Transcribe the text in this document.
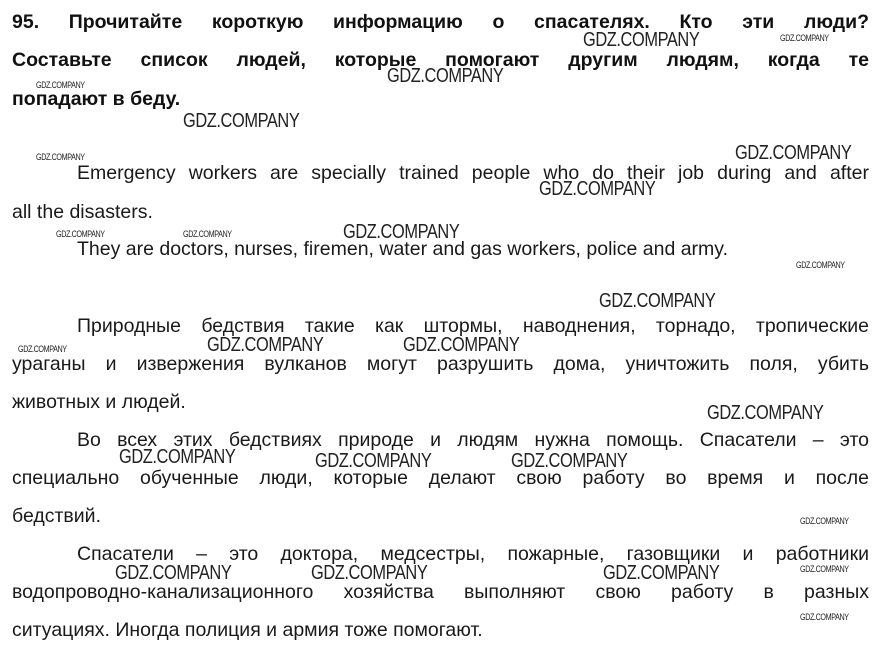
95. Прочитайте короткую информацию о спасателях. Кто эти люди?
Составьте список людей, которые помогают другим людям, когда те
попадают в беду.
Emergency workers are specially trained people who do their job during and after
all the disasters.
They are doctors, nurses, firemen, water and gas workers, police and army.
Природные бедствия такие как штормы, наводнения, торнадо, тропические
ураганы и извержения вулканов могут разрушить дома, уничтожить поля, убить
животных и людей.
Во всех этих бедствиях природе и людям нужна помощь. Спасатели – это
специально обученные люди, которые делают свою работу во время и после
бедствий.
Спасатели – это доктора, медсестры, пожарные, газовщики и работники
водопроводно-канализационного хозяйства выполняют свою работу в разных
ситуациях. Иногда полиция и армия тоже помогают.
GDZ.COMPANY	GDZ.COMPANY
GDZ.COMPANY
GDZ.COMPANY
GDZ.COMPANY
GDZ.COMPANY
GDZ.COMPANY
GDZ.COMPANY
GDZ.COMPANY	GDZ.COMPANY	GDZ.COMPANY
GDZ.COMPANY
GDZ.COMPANY
GDZ.COMPANY	GDZ.COMPANY
GDZ.COMPANY
GDZ.COMPANY
GDZ.COMPANY	GDZ.COMPANY	GDZ.COMPANY
GDZ.COMPANY
GDZ.COMPANY	GDZ.COMPANY	GDZ.COMPANY	GDZ.COMPANY
GDZ.COMPANY
